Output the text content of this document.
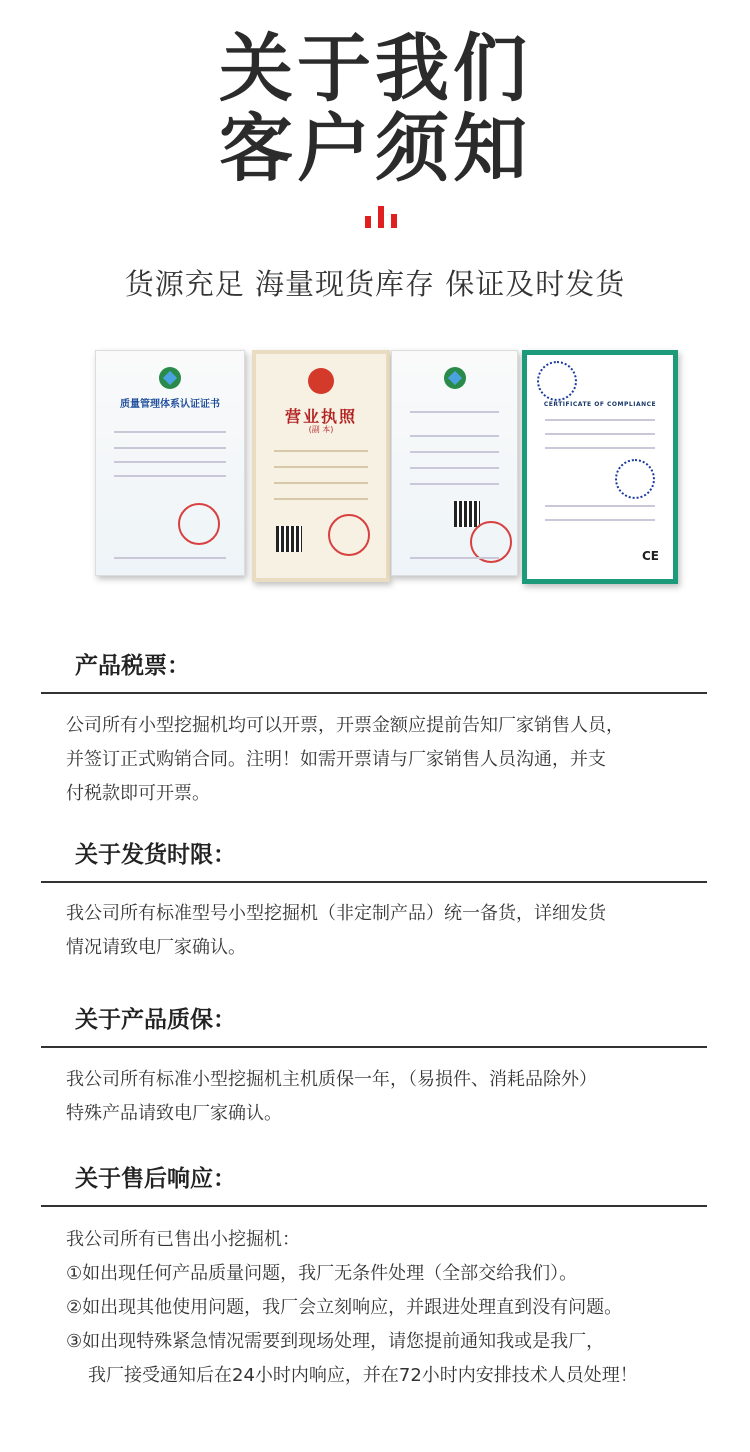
关于我们
客户须知
货源充足 海量现货库存 保证及时发货
质量管理体系认证证书
营业执照
(副 本)
CERTIFICATE OF COMPLIANCE
CE
产品税票：
公司所有小型挖掘机均可以开票，开票金额应提前告知厂家销售人员，
并签订正式购销合同。注明！如需开票请与厂家销售人员沟通，并支
付税款即可开票。
关于发货时限：
我公司所有标准型号小型挖掘机（非定制产品）统一备货，详细发货
情况请致电厂家确认。
关于产品质保：
我公司所有标准小型挖掘机主机质保一年，（易损件、消耗品除外）
特殊产品请致电厂家确认。
关于售后响应：
我公司所有已售出小挖掘机：
①如出现任何产品质量问题，我厂无条件处理（全部交给我们）。
②如出现其他使用问题，我厂会立刻响应，并跟进处理直到没有问题。
③如出现特殊紧急情况需要到现场处理，请您提前通知我或是我厂，
我厂接受通知后在24小时内响应，并在72小时内安排技术人员处理！
